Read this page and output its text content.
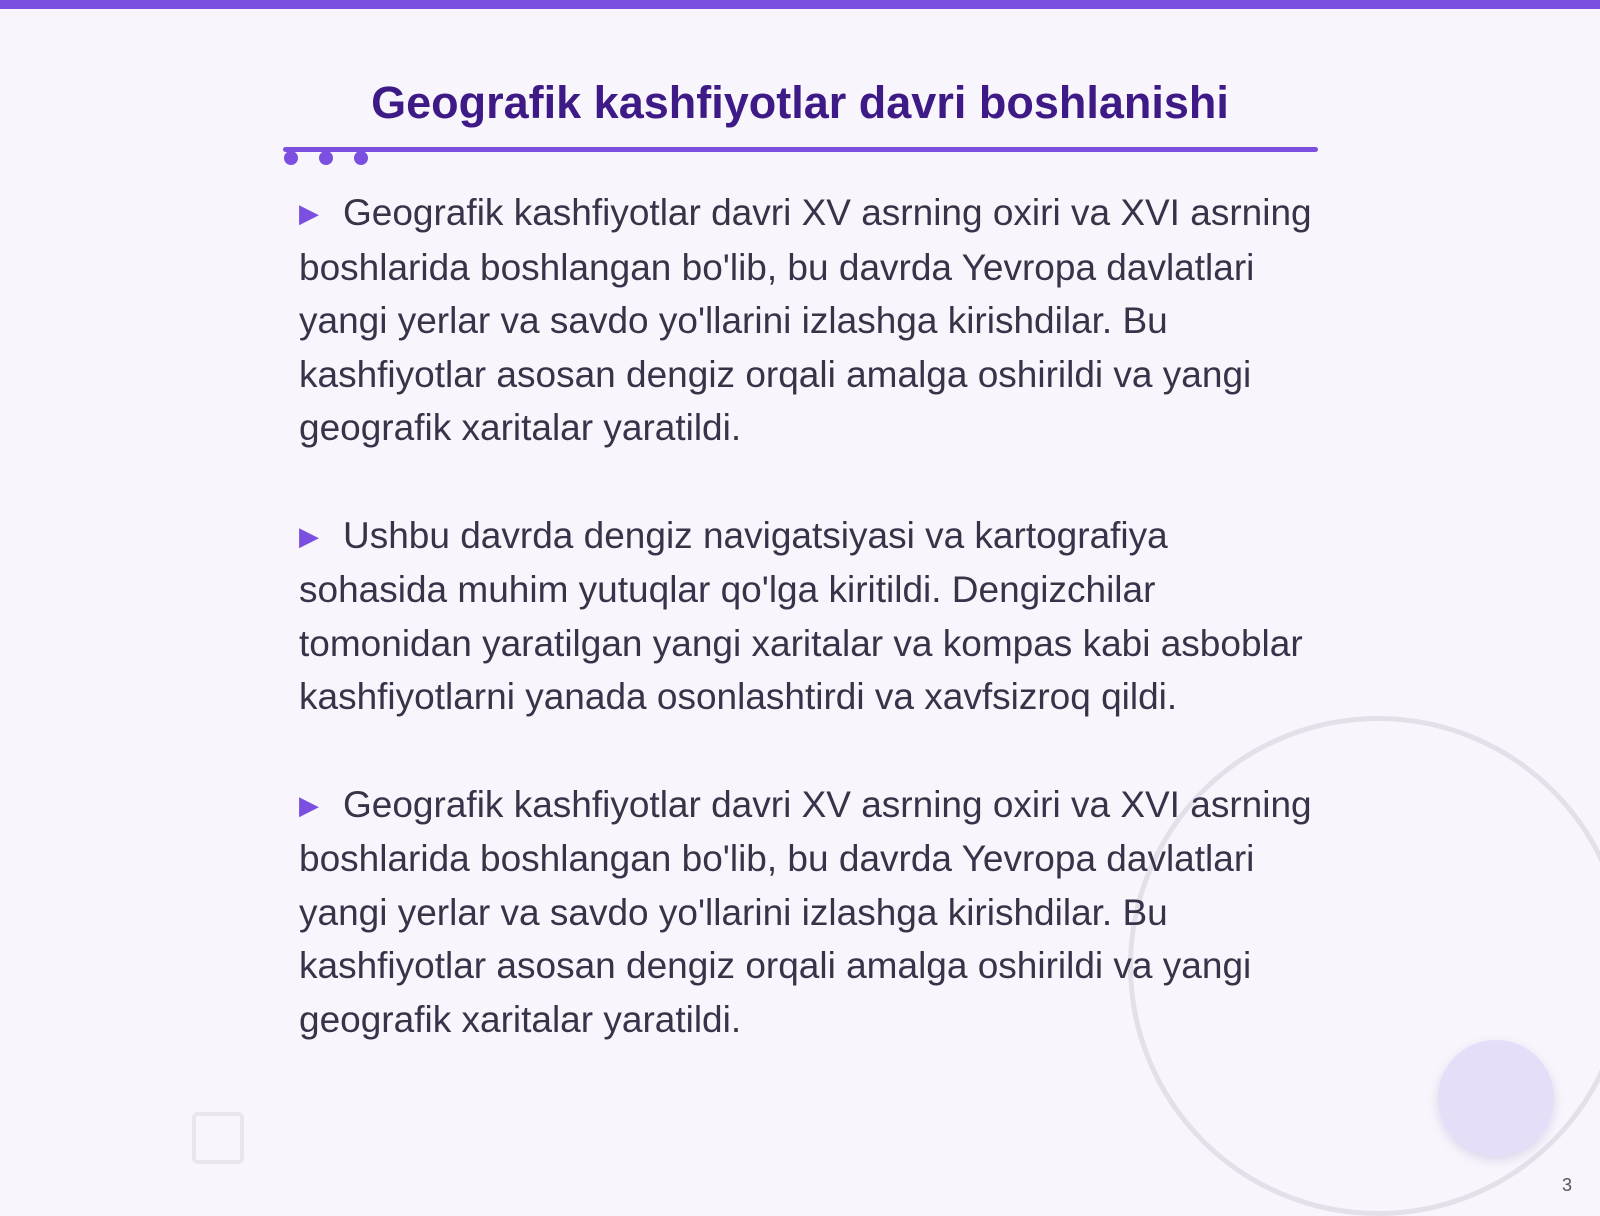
Geografik kashfiyotlar davri boshlanishi

▶ Geografik kashfiyotlar davri XV asrning oxiri va XVI asrning boshlarida boshlangan bo'lib, bu davrda Yevropa davlatlari yangi yerlar va savdo yo'llarini izlashga kirishdilar. Bu kashfiyotlar asosan dengiz orqali amalga oshirildi va yangi geografik xaritalar yaratildi.

▶ Ushbu davrda dengiz navigatsiyasi va kartografiya sohasida muhim yutuqlar qo'lga kiritildi. Dengizchilar tomonidan yaratilgan yangi xaritalar va kompas kabi asboblar kashfiyotlarni yanada osonlashtirdi va xavfsizroq qildi.

▶ Geografik kashfiyotlar davri XV asrning oxiri va XVI asrning boshlarida boshlangan bo'lib, bu davrda Yevropa davlatlari yangi yerlar va savdo yo'llarini izlashga kirishdilar. Bu kashfiyotlar asosan dengiz orqali amalga oshirildi va yangi geografik xaritalar yaratildi.

3
